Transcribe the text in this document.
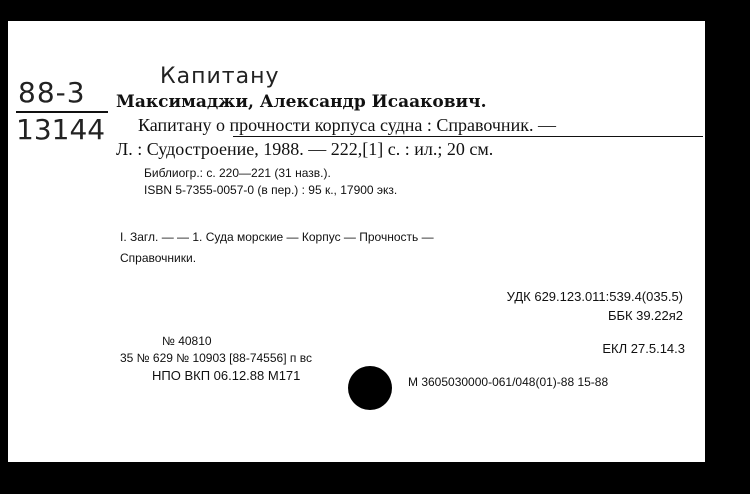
Капитану
88-3
13144
Максимаджи, Александр Исаакович.
Капитану о прочности корпуса судна : Справочник. —
Л. : Судостроение, 1988. — 222,[1] с. : ил.; 20 см.
Библиогр.: с. 220—221 (31 назв.).
ISBN 5-7355-0057-0 (в пер.) : 95 к., 17900 экз.
I. Загл. — — 1. Суда морские — Корпус — Прочность —
Справочники.
УДК 629.123.011:539.4(035.5)
ББК 39.22я2
ЕКЛ 27.5.14.3
№ 40810
35 № 629 № 10903 [88-74556] п вс
НПО ВКП 06.12.88 М171	М 3605030000-061/048(01)-88 15-88
